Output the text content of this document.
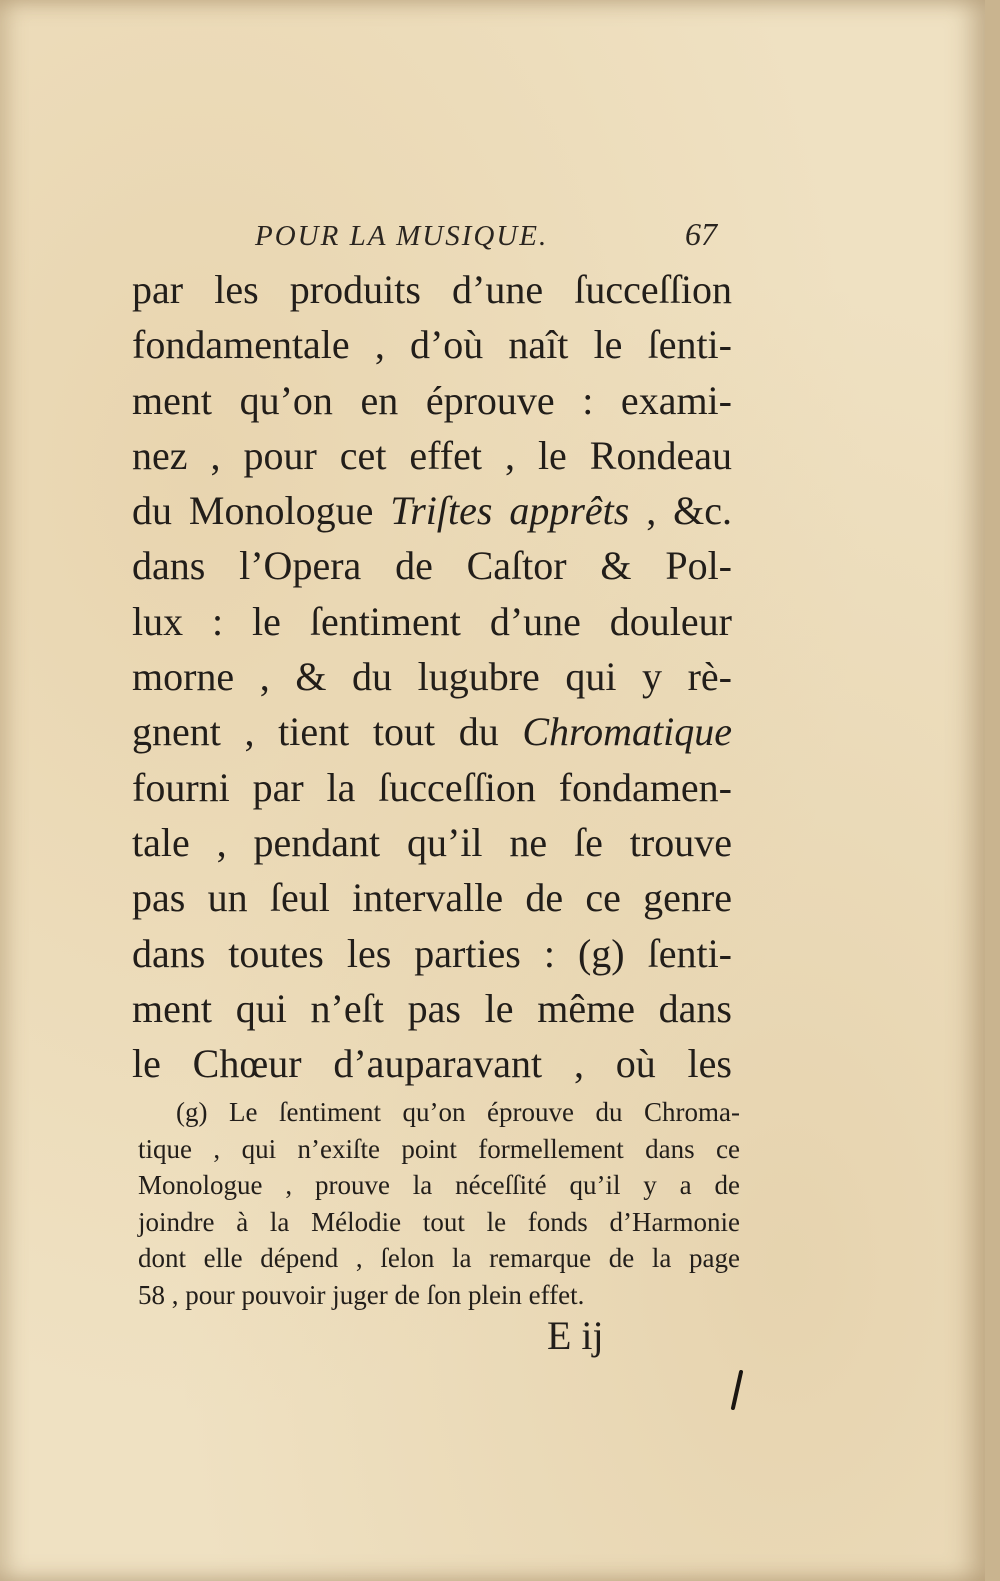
POUR LA MUSIQUE.	67
par les produits d’une ſucceſſion
fondamentale , d’où naît le ſenti-
ment qu’on en éprouve : exami-
nez , pour cet effet , le Rondeau
du Monologue Triſtes apprêts , &c.
dans l’Opera de Caſtor & Pol-
lux : le ſentiment d’une douleur
morne , & du lugubre qui y rè-
gnent , tient tout du Chromatique
fourni par la ſucceſſion fondamen-
tale , pendant qu’il ne ſe trouve
pas un ſeul intervalle de ce genre
dans toutes les parties : (g) ſenti-
ment qui n’eſt pas le même dans
le Chœur d’auparavant , où les
(g) Le ſentiment qu’on éprouve du Chroma-
tique , qui n’exiſte point formellement dans ce
Monologue , prouve la néceſſité qu’il y a de
joindre à la Mélodie tout le fonds d’Harmonie
dont elle dépend , ſelon la remarque de la page
58 , pour pouvoir juger de ſon plein effet.
E ij
